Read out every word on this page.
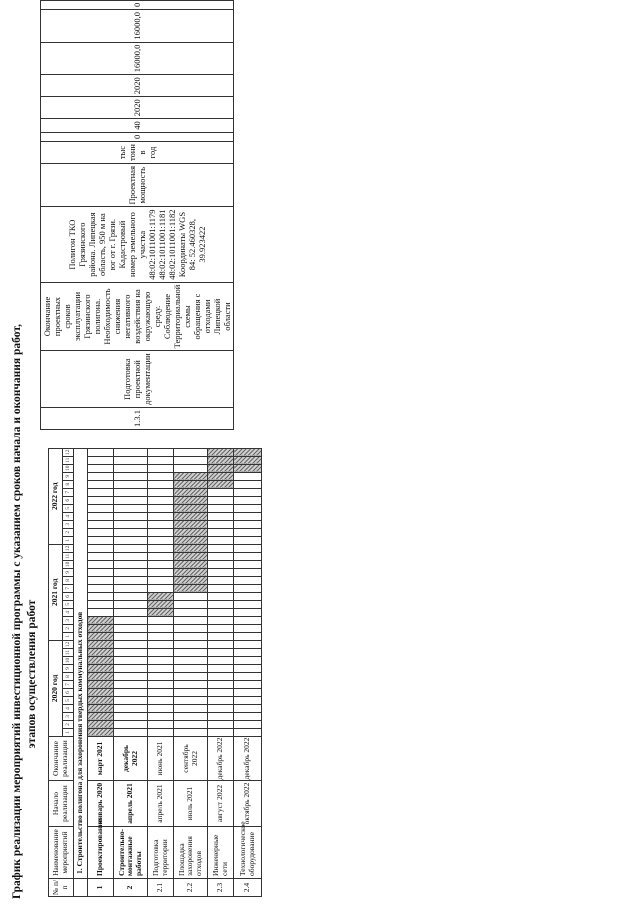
1.3.1	Подготовка проектной документации	Окончание проектных сроков эксплуатации Грязинского полигона. Необходимость снижения негативного воздействия на окружающую среду. Соблюдение Территориальной схемы обращения с отходами Липецкой области	Полигон ТКО Грязинского района. Липецкая область, 950 м на юг от г. Грязи. Кадастровый номер земельного участка 48:02:1011001:1179 48:02:1011001:1181 48:02:1011001:1182 Координаты WGS 84: 52.460328, 39.923422	Проектная мощность	тыс тонн в год	0	40	2020	2020	16000,0	16000,0	0		
График реализации мероприятий инвестиционной программы с указанием сроков начала и окончания работ, этапов осуществления работ
№ п/п	Наименование мероприятий	Начало реализации	Окончание реализации	2020 год												2021 год												2022 год											
				1	2	3	4	5	6	7	8	9	10	11	12	1	2	3	4	5	6	7	8	9	10	11	12	1	2	3	4	5	6	7	8	9	10	11	12
	1. Строительство полигона для захоронения твердых коммунальных отходов																																						
1	Проектирование	январь 2020	март 2021																																				
2	Строительно-монтажные работы	апрель 2021	декабрь 2022																																				
2.1	Подготовка территории	апрель 2021	июнь 2021																																				
2.2	Площадка захоронения отходов	июль 2021	сентябрь 2022																																				
2.3	Инженерные сети	август 2022	декабрь 2022																																				
2.4	Технологическое оборудование	октябрь 2022	декабрь 2022																																				
